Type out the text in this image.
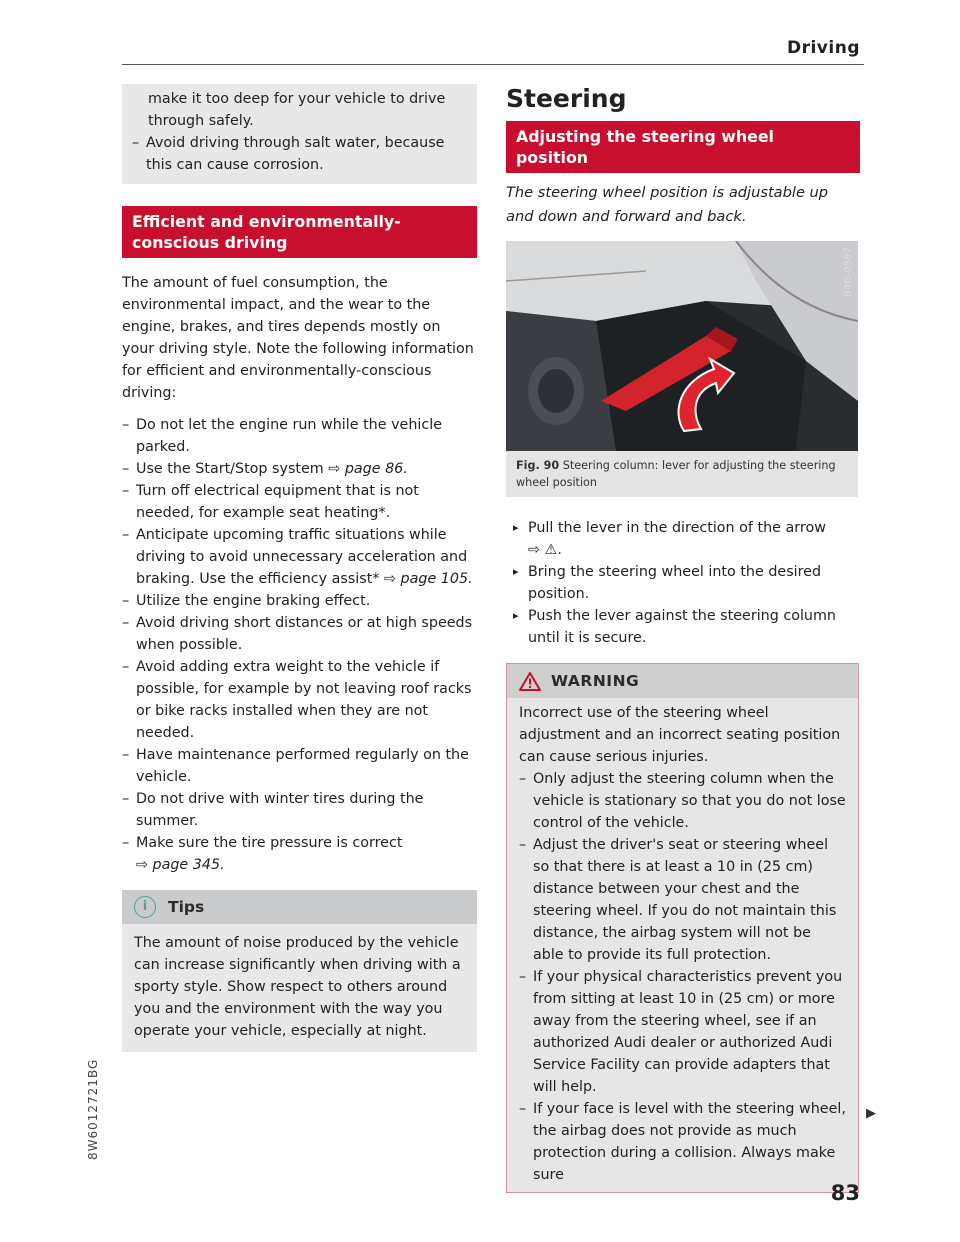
Driving

make it too deep for your vehicle to drive through safely.

– Avoid driving through salt water, because this can cause corrosion.
Efficient and environmentally-conscious driving

The amount of fuel consumption, the environmental impact, and the wear to the engine, brakes, and tires depends mostly on your driving style. Note the following information for efficient and environmentally-conscious driving:

– Do not let the engine run while the vehicle parked.
– Use the Start/Stop system ⇨ page 86.
– Turn off electrical equipment that is not needed, for example seat heating*.
– Anticipate upcoming traffic situations while driving to avoid unnecessary acceleration and braking. Use the efficiency assist* ⇨ page 105.
– Utilize the engine braking effect.
– Avoid driving short distances or at high speeds when possible.
– Avoid adding extra weight to the vehicle if possible, for example by not leaving roof racks or bike racks installed when they are not needed.
– Have maintenance performed regularly on the vehicle.
– Do not drive with winter tires during the summer.
– Make sure the tire pressure is correct
⇨ page 345.
i	Tips

The amount of noise produced by the vehicle can increase significantly when driving with a sporty style. Show respect to others around you and the environment with the way you operate your vehicle, especially at night.

Steering
Adjusting the steering wheel position

The steering wheel position is adjustable up and down and forward and back.

B4G-0567
Fig. 90 Steering column: lever for adjusting the steering wheel position
▸ Pull the lever in the direction of the arrow
⇨ ⚠.
▸ Bring the steering wheel into the desired position.
▸ Push the lever against the steering column until it is secure.
WARNING

Incorrect use of the steering wheel adjustment and an incorrect seating position can cause serious injuries.

– Only adjust the steering column when the vehicle is stationary so that you do not lose control of the vehicle.
– Adjust the driver's seat or steering wheel so that there is at least a 10 in (25 cm) distance between your chest and the steering wheel. If you do not maintain this distance, the airbag system will not be able to provide its full protection.
– If your physical characteristics prevent you from sitting at least 10 in (25 cm) or more away from the steering wheel, see if an authorized Audi dealer or authorized Audi Service Facility can provide adapters that will help.
– If your face is level with the steering wheel, the airbag does not provide as much protection during a collision. Always make sure
▶
8W6012721BG
83
